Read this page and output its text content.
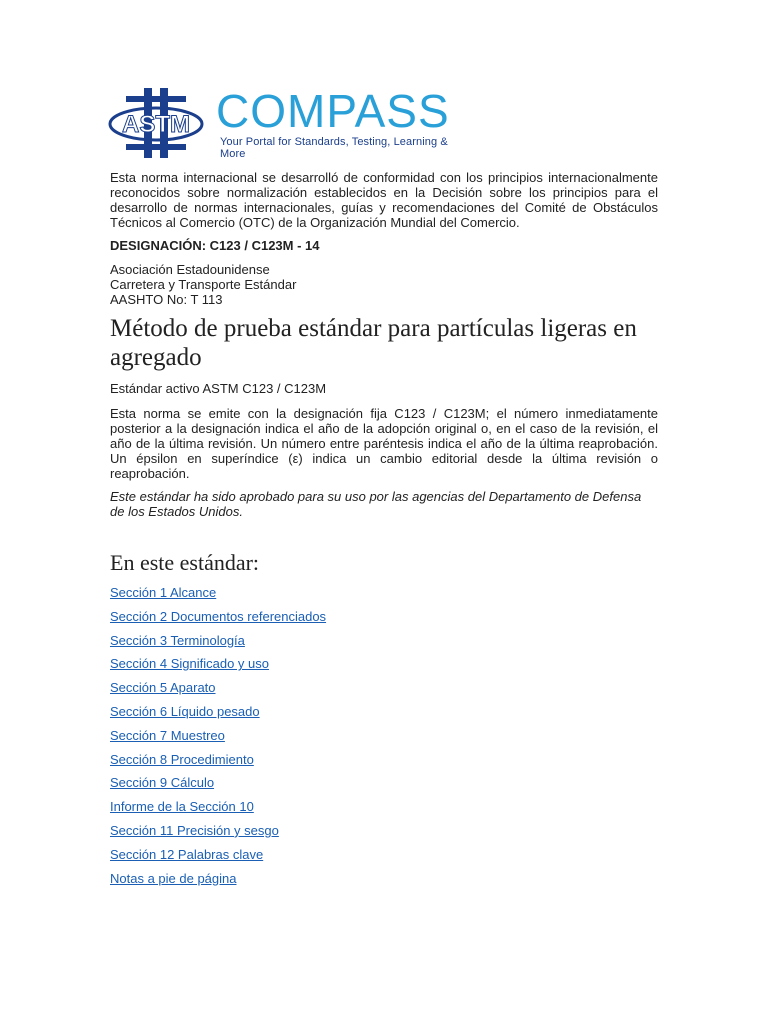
ASTM COMPASS
Your Portal for Standards, Testing, Learning & More

Esta norma internacional se desarrolló de conformidad con los principios internacionalmente reconocidos sobre normalización establecidos en la Decisión sobre los principios para el desarrollo de normas internacionales, guías y recomendaciones del Comité de Obstáculos Técnicos al Comercio (OTC) de la Organización Mundial del Comercio.

DESIGNACIÓN: C123 / C123M - 14

Asociación Estadounidense
Carretera y Transporte Estándar
AASHTO No: T 113
Método de prueba estándar para partículas ligeras en agregado

Estándar activo ASTM C123 / C123M

Esta norma se emite con la designación fija C123 / C123M; el número inmediatamente posterior a la designación indica el año de la adopción original o, en el caso de la revisión, el año de la última revisión. Un número entre paréntesis indica el año de la última reaprobación. Un épsilon en superíndice (ε) indica un cambio editorial desde la última revisión o reaprobación.

Este estándar ha sido aprobado para su uso por las agencias del Departamento de Defensa de los Estados Unidos.

En este estándar:
Sección 1 Alcance
Sección 2 Documentos referenciados
Sección 3 Terminología
Sección 4 Significado y uso
Sección 5 Aparato
Sección 6 Líquido pesado
Sección 7 Muestreo
Sección 8 Procedimiento
Sección 9 Cálculo
Informe de la Sección 10
Sección 11 Precisión y sesgo
Sección 12 Palabras clave
Notas a pie de página
